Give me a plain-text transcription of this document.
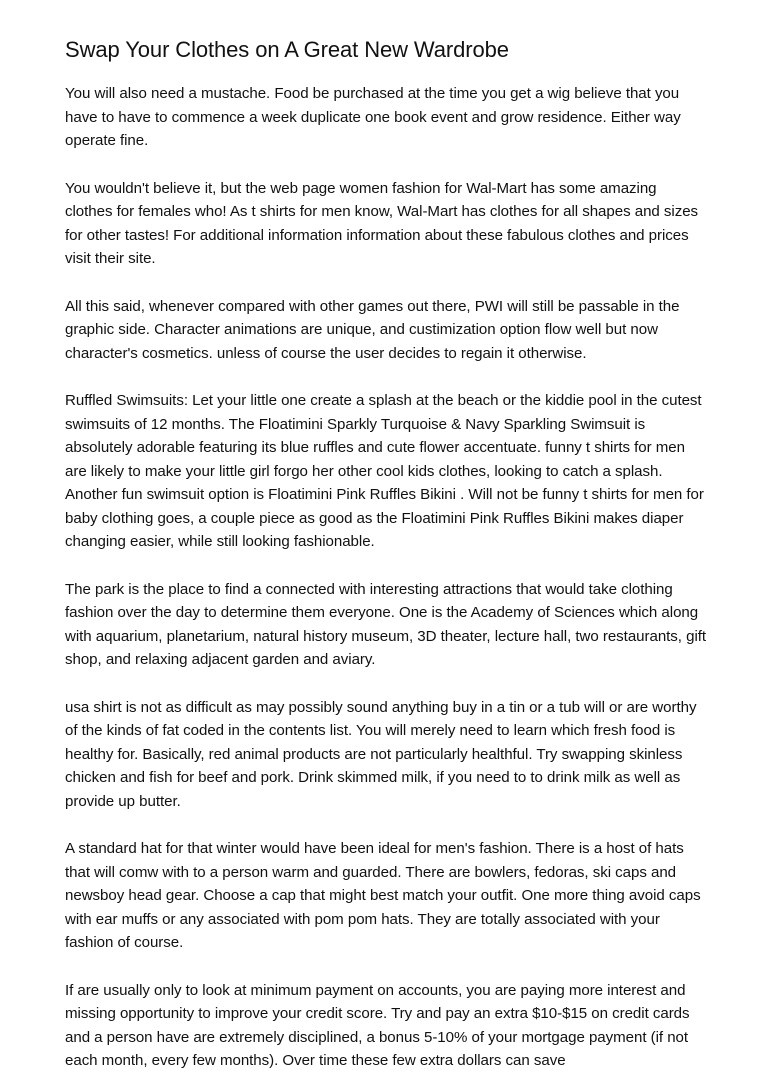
Swap Your Clothes on A Great New Wardrobe

You will also need a mustache. Food be purchased at the time you get a wig believe that you have to have to commence a week duplicate one book event and grow residence. Either way operate fine.

You wouldn't believe it, but the web page women fashion for Wal-Mart has some amazing clothes for females who! As t shirts for men know, Wal-Mart has clothes for all shapes and sizes for other tastes! For additional information information about these fabulous clothes and prices visit their site.

All this said, whenever compared with other games out there, PWI will still be passable in the graphic side. Character animations are unique, and custimization option flow well but now character's cosmetics. unless of course the user decides to regain it otherwise.

Ruffled Swimsuits: Let your little one create a splash at the beach or the kiddie pool in the cutest swimsuits of 12 months. The Floatimini Sparkly Turquoise & Navy Sparkling Swimsuit is absolutely adorable featuring its blue ruffles and cute flower accentuate. funny t shirts for men are likely to make your little girl forgo her other cool kids clothes, looking to catch a splash. Another fun swimsuit option is Floatimini Pink Ruffles Bikini . Will not be funny t shirts for men for baby clothing goes, a couple piece as good as the Floatimini Pink Ruffles Bikini makes diaper changing easier, while still looking fashionable.

The park is the place to find a connected with interesting attractions that would take clothing fashion over the day to determine them everyone. One is the Academy of Sciences which along with aquarium, planetarium, natural history museum, 3D theater, lecture hall, two restaurants, gift shop, and relaxing adjacent garden and aviary.

usa shirt is not as difficult as may possibly sound anything buy in a tin or a tub will or are worthy of the kinds of fat coded in the contents list. You will merely need to learn which fresh food is healthy for. Basically, red animal products are not particularly healthful. Try swapping skinless chicken and fish for beef and pork. Drink skimmed milk, if you need to to drink milk as well as provide up butter.

A standard hat for that winter would have been ideal for men's fashion. There is a host of hats that will comw with to a person warm and guarded. There are bowlers, fedoras, ski caps and newsboy head gear. Choose a cap that might best match your outfit. One more thing avoid caps with ear muffs or any associated with pom pom hats. They are totally associated with your fashion of course.

If are usually only to look at minimum payment on accounts, you are paying more interest and missing opportunity to improve your credit score. Try and pay an extra $10-$15 on credit cards and a person have are extremely disciplined, a bonus 5-10% of your mortgage payment (if not each month, every few months). Over time these few extra dollars can save
